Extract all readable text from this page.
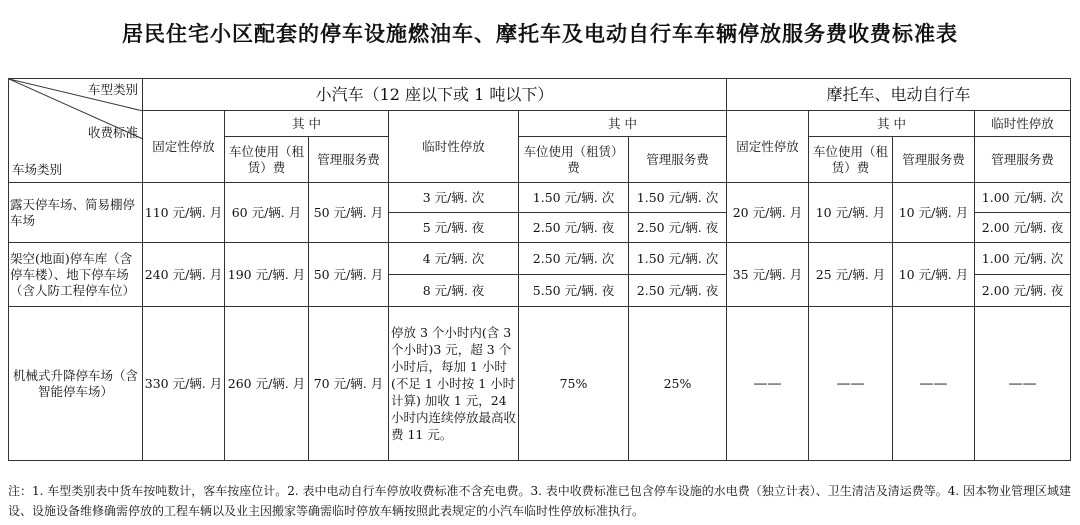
居民住宅小区配套的停车设施燃油车、摩托车及电动自行车车辆停放服务费收费标准表
车型类别
收费标准
车场类别	小汽车（12 座以下或 1 吨以下）						摩托车、电动自行车			
	固定性停放	其 中		临时性停放	其 中		固定性停放	其 中		临时性停放
		车位使用（租赁）费	管理服务费		车位使用（租赁）费	管理服务费		车位使用（租赁）费	管理服务费	管理服务费
露天停车场、简易棚停车场	110 元/辆. 月	60 元/辆. 月	50 元/辆. 月	3 元/辆. 次	1.50 元/辆. 次	1.50 元/辆. 次	20 元/辆. 月	10 元/辆. 月	10 元/辆. 月	1.00 元/辆. 次
				5 元/辆. 夜	2.50 元/辆. 夜	2.50 元/辆. 夜				2.00 元/辆. 夜
架空(地面)停车库（含停车楼）、地下停车场（含人防工程停车位）	240 元/辆. 月	190 元/辆. 月	50 元/辆. 月	4 元/辆. 次	2.50 元/辆. 次	1.50 元/辆. 次	35 元/辆. 月	25 元/辆. 月	10 元/辆. 月	1.00 元/辆. 次
				8 元/辆. 夜	5.50 元/辆. 夜	2.50 元/辆. 夜				2.00 元/辆. 夜
机械式升降停车场（含智能停车场）	330 元/辆. 月	260 元/辆. 月	70 元/辆. 月	停放 3 个小时内(含 3 个小时)3 元，超 3 个小时后，每加 1 小时(不足 1 小时按 1 小时计算) 加收 1 元，24 小时内连续停放最高收费 11 元。	75%	25%	——	——	——	——
注：1. 车型类别表中货车按吨数计，客车按座位计。2. 表中电动自行车停放收费标准不含充电费。3. 表中收费标准已包含停车设施的水电费（独立计表）、卫生清洁及清运费等。4. 因本物业管理区域建设、设施设备维修确需停放的工程车辆以及业主因搬家等确需临时停放车辆按照此表规定的小汽车临时性停放标准执行。
